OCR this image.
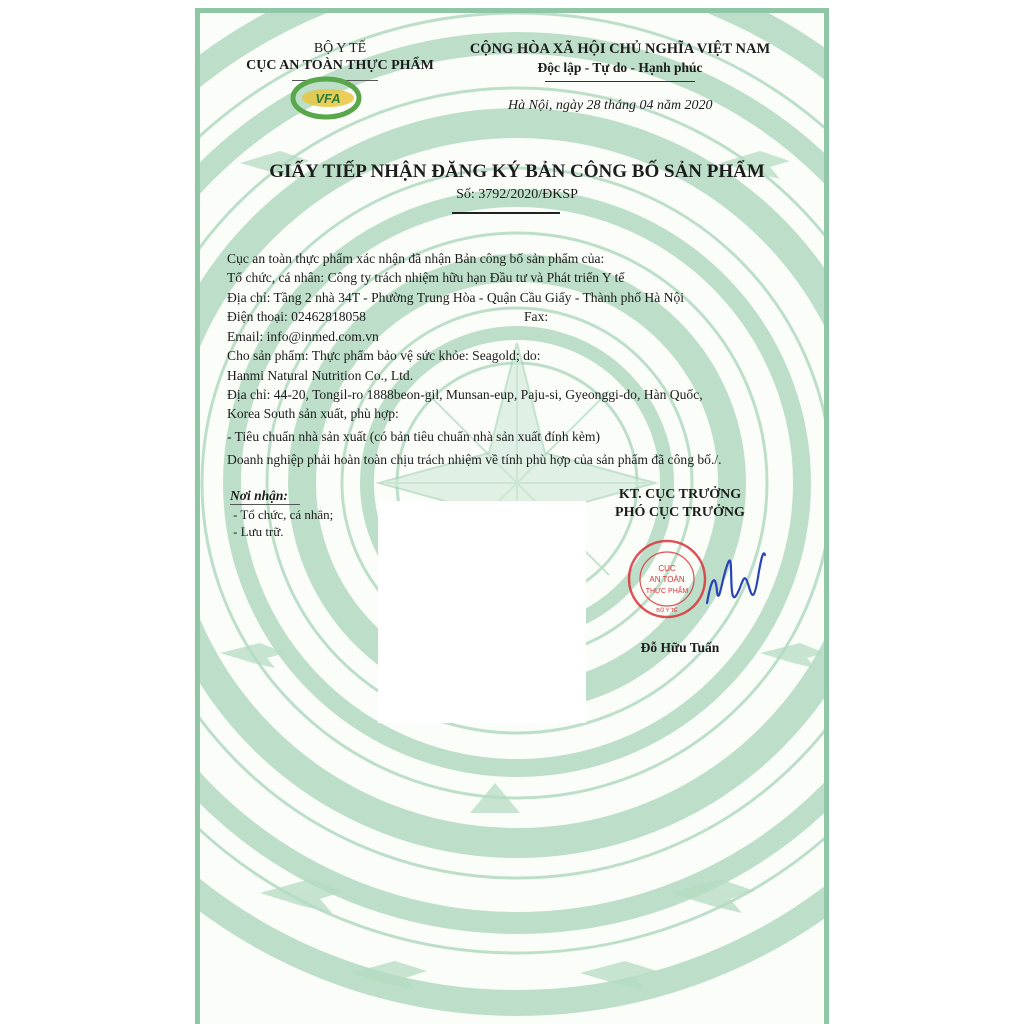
BỘ Y TẾ
CỤC AN TOÀN THỰC PHẨM
VFA
CỘNG HÒA XÃ HỘI CHỦ NGHĨA VIỆT NAM
Độc lập - Tự do - Hạnh phúc
Hà Nội, ngày 28 tháng 04 năm 2020
GIẤY TIẾP NHẬN ĐĂNG KÝ BẢN CÔNG BỐ SẢN PHẨM
Số: 3792/2020/ĐKSP
Cục an toàn thực phẩm xác nhận đã nhận Bản công bố sản phẩm của:
Tổ chức, cá nhân: Công ty trách nhiệm hữu hạn Đầu tư và Phát triển Y tế
Địa chỉ: Tầng 2 nhà 34T - Phường Trung Hòa - Quận Cầu Giấy - Thành phố Hà Nội
Điện thoại: 02462818058	Fax:
Email: info@inmed.com.vn
Cho sản phẩm: Thực phẩm bảo vệ sức khỏe: Seagold; do:
Hanmi Natural Nutrition Co., Ltd.
Địa chỉ: 44-20, Tongil-ro 1888beon-gil, Munsan-eup, Paju-si, Gyeonggi-do, Hàn Quốc,
Korea South sản xuất, phù hợp:
- Tiêu chuẩn nhà sản xuất (có bản tiêu chuẩn nhà sản xuất đính kèm)
Doanh nghiệp phải hoàn toàn chịu trách nhiệm về tính phù hợp của sản phẩm đã công bố./.
Nơi nhận:
- Tổ chức, cá nhân;
- Lưu trữ.
KT. CỤC TRƯỞNG
PHÓ CỤC TRƯỞNG
CỤC
AN TOÀN
THỰC PHẨM
BỘ Y TẾ
Đỗ Hữu Tuấn
